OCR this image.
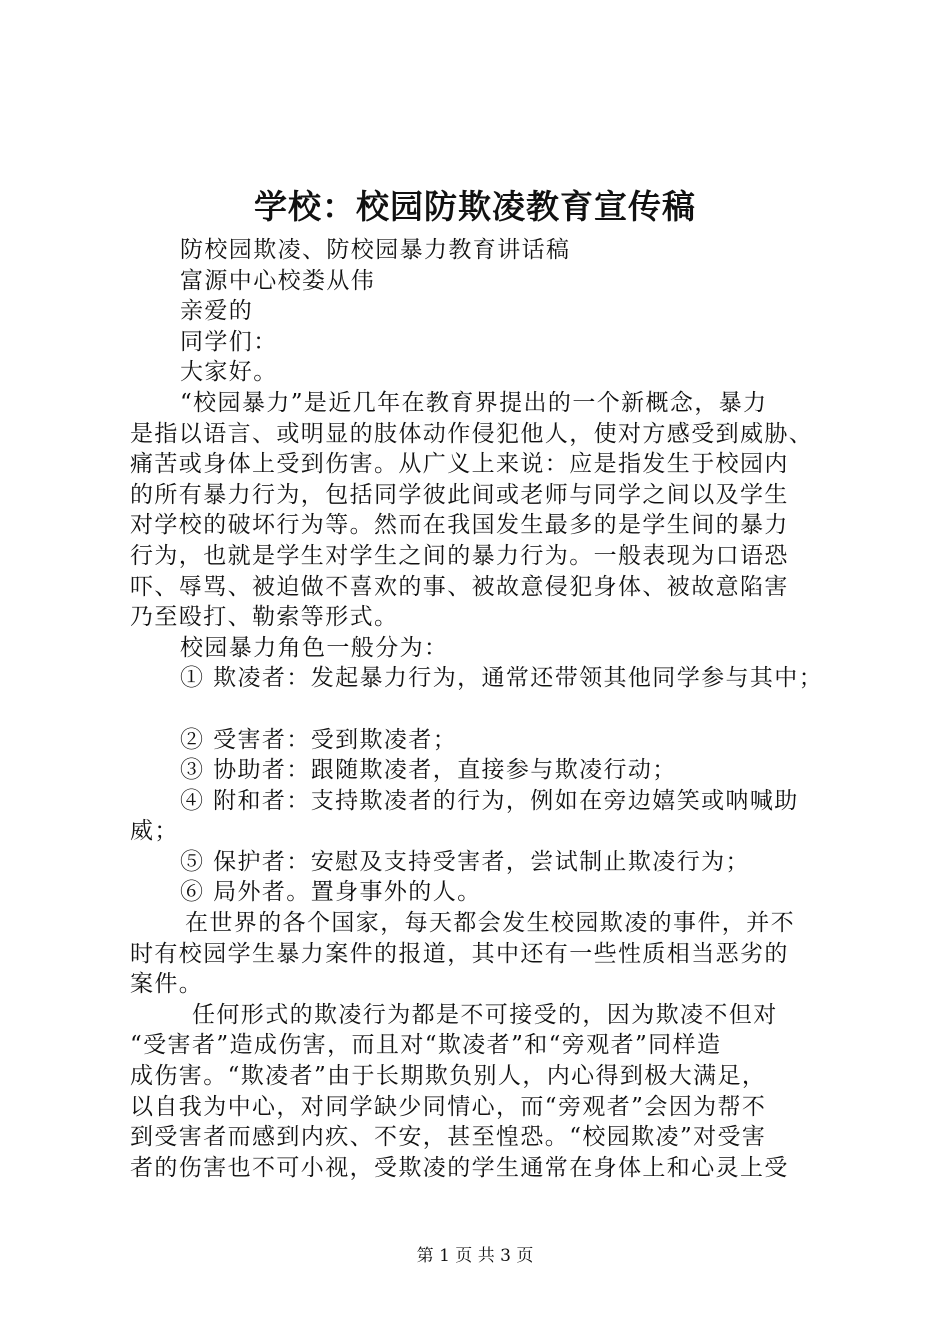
学校：校园防欺凌教育宣传稿
防校园欺凌、防校园暴力教育讲话稿
富源中心校娄从伟
亲爱的
同学们：
大家好。
“校园暴力”是近几年在教育界提出的一个新概念，暴力
是指以语言、或明显的肢体动作侵犯他人，使对方感受到威胁、
痛苦或身体上受到伤害。从广义上来说：应是指发生于校园内
的所有暴力行为，包括同学彼此间或老师与同学之间以及学生
对学校的破坏行为等。然而在我国发生最多的是学生间的暴力
行为，也就是学生对学生之间的暴力行为。一般表现为口语恐
吓、辱骂、被迫做不喜欢的事、被故意侵犯身体、被故意陷害
乃至殴打、勒索等形式。
校园暴力角色一般分为：
① 欺凌者：发起暴力行为，通常还带领其他同学参与其中；
② 受害者：受到欺凌者；
③ 协助者：跟随欺凌者，直接参与欺凌行动；
④ 附和者：支持欺凌者的行为，例如在旁边嬉笑或呐喊助
威；
⑤ 保护者：安慰及支持受害者，尝试制止欺凌行为；
⑥ 局外者。置身事外的人。
在世界的各个国家，每天都会发生校园欺凌的事件，并不
时有校园学生暴力案件的报道，其中还有一些性质相当恶劣的
案件。
任何形式的欺凌行为都是不可接受的，因为欺凌不但对
“受害者”造成伤害，而且对“欺凌者”和“旁观者”同样造
成伤害。“欺凌者”由于长期欺负别人，内心得到极大满足，
以自我为中心，对同学缺少同情心，而“旁观者”会因为帮不
到受害者而感到内疚、不安，甚至惶恐。“校园欺凌”对受害
者的伤害也不可小视，受欺凌的学生通常在身体上和心灵上受
第 1 页 共 3 页
